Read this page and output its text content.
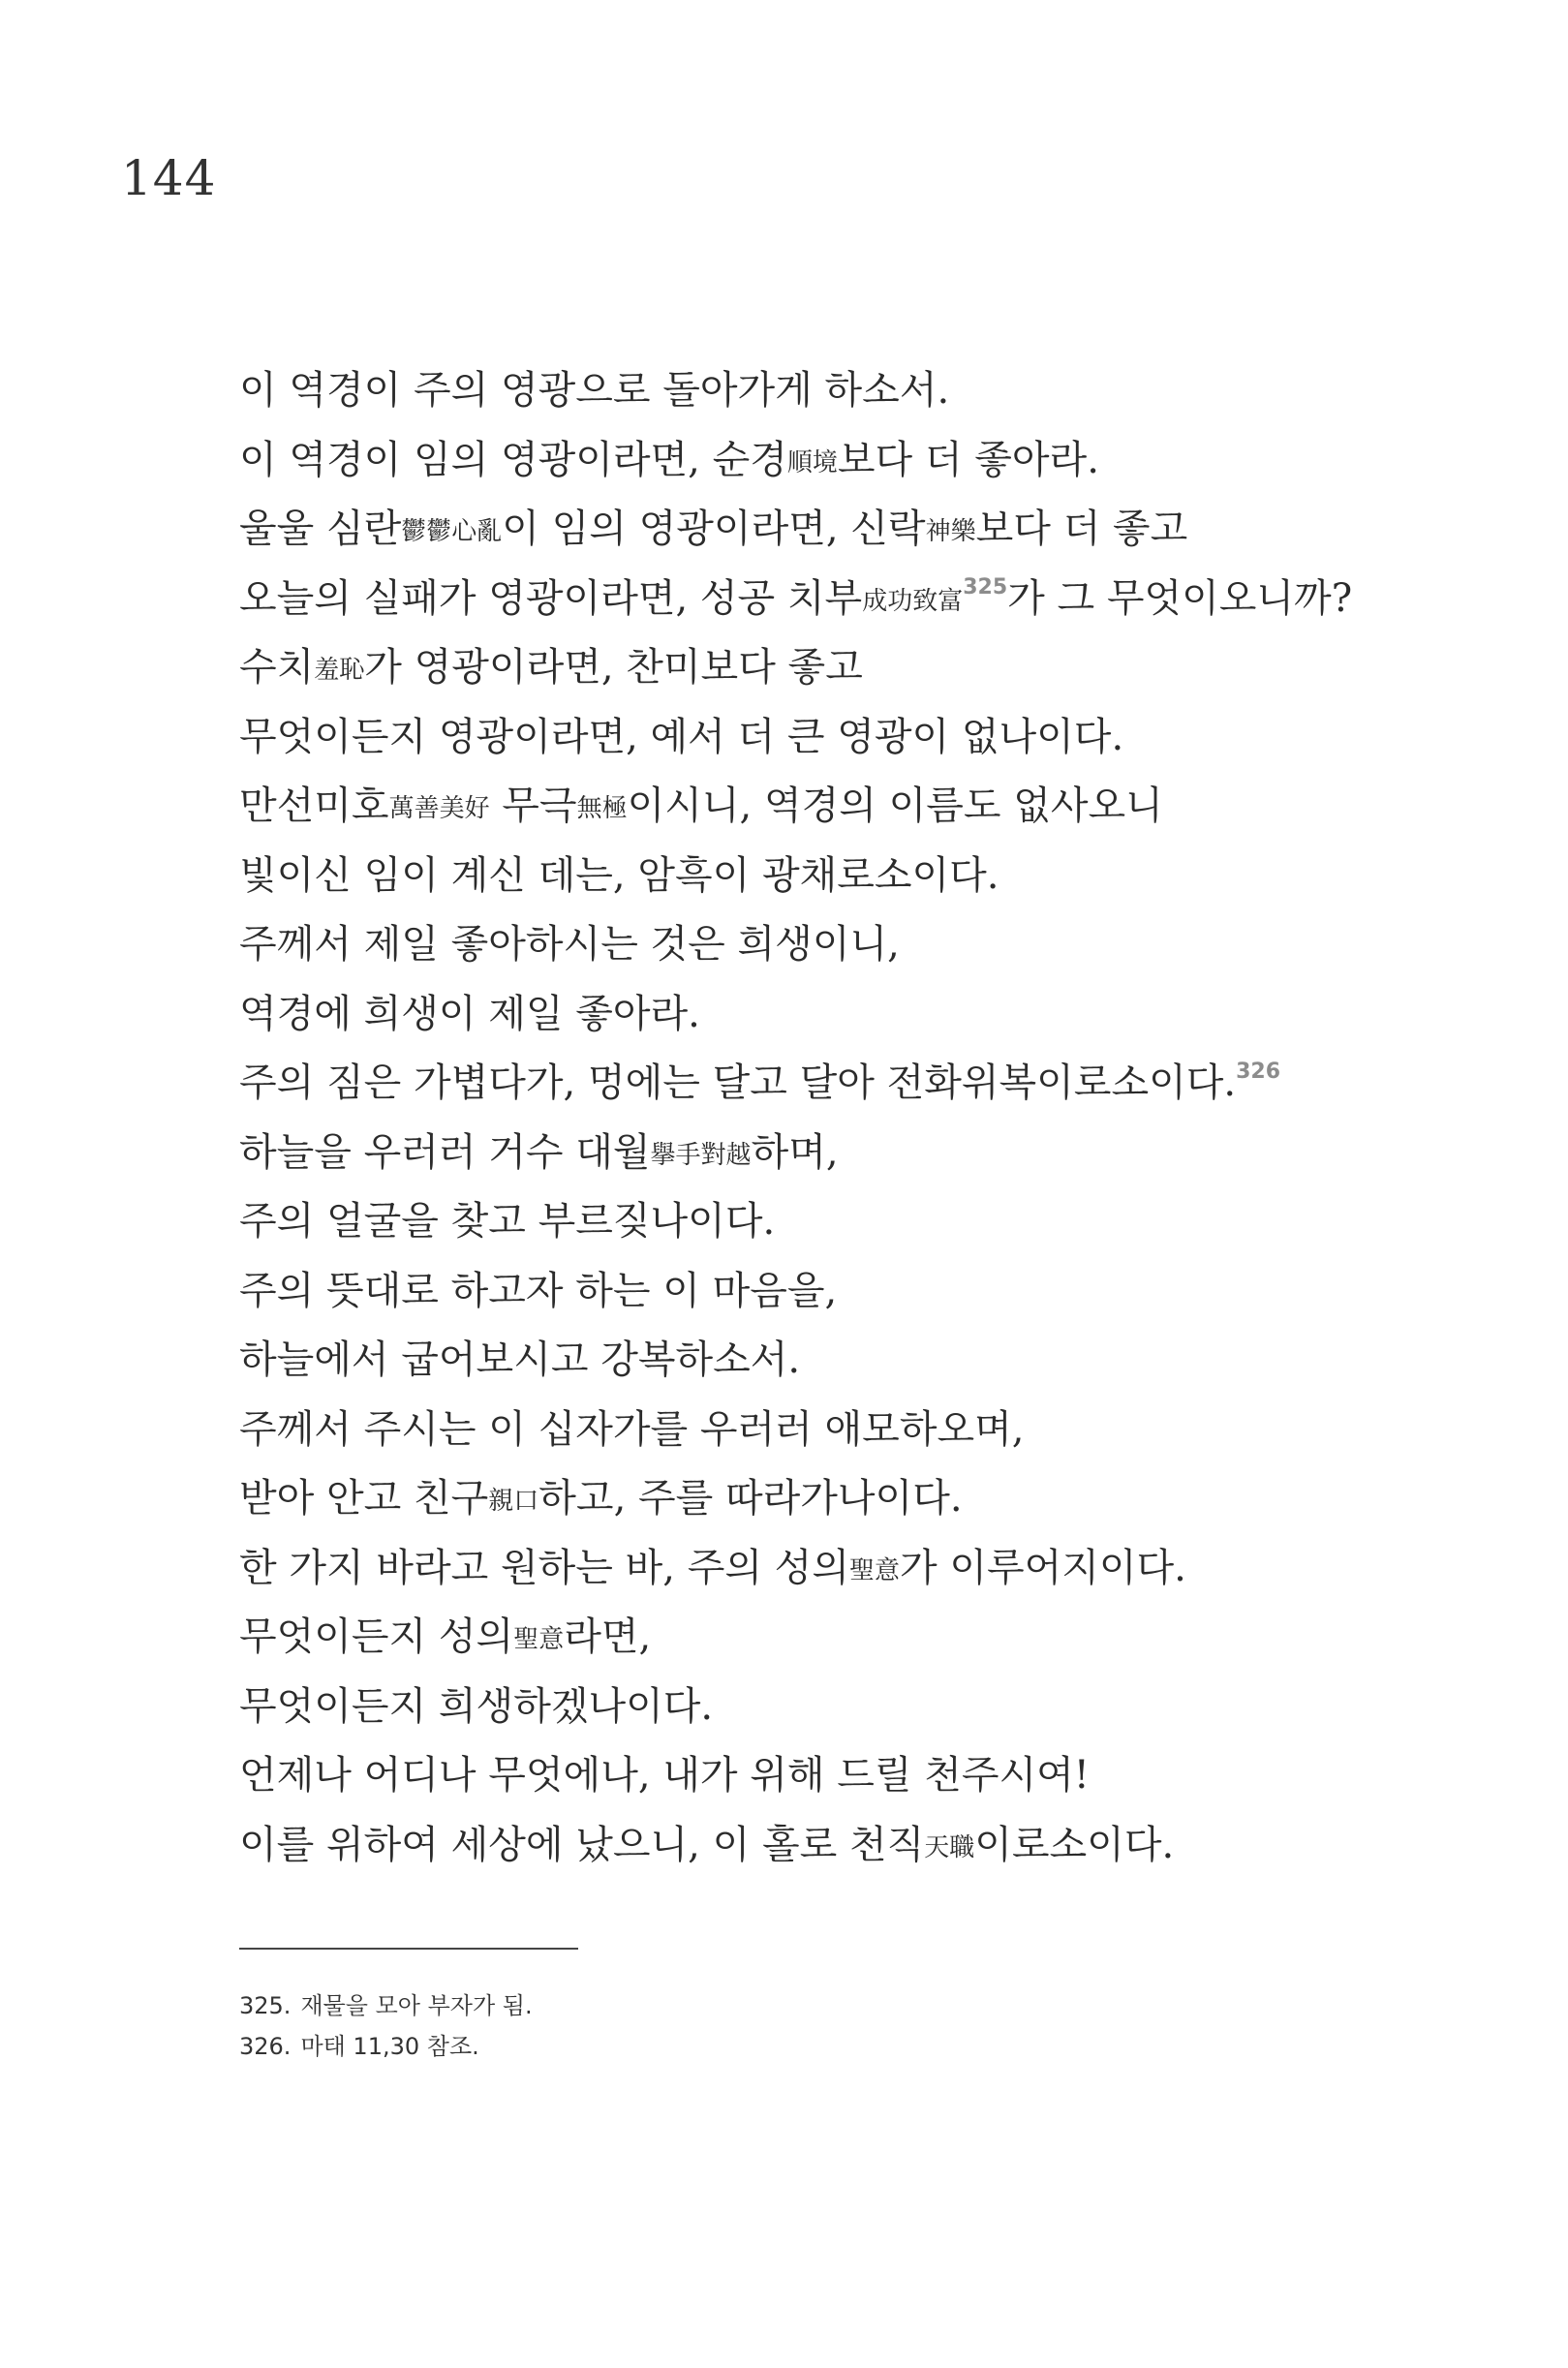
144
이 역경이 주의 영광으로 돌아가게 하소서.
이 역경이 임의 영광이라면, 순경順境보다 더 좋아라.
울울 심란鬱鬱心亂이 임의 영광이라면, 신락神樂보다 더 좋고
오늘의 실패가 영광이라면, 성공 치부成功致富$^{325}$가 그 무엇이오니까?
수치羞恥가 영광이라면, 찬미보다 좋고
무엇이든지 영광이라면, 예서 더 큰 영광이 없나이다.
만선미호萬善美好 무극無極이시니, 역경의 이름도 없사오니
빛이신 임이 계신 데는, 암흑이 광채로소이다.
주께서 제일 좋아하시는 것은 희생이니,
역경에 희생이 제일 좋아라.
주의 짐은 가볍다가, 멍에는 달고 달아 전화위복이로소이다.$^{326}$
하늘을 우러러 거수 대월擧手對越하며,
주의 얼굴을 찾고 부르짖나이다.
주의 뜻대로 하고자 하는 이 마음을,
하늘에서 굽어보시고 강복하소서.
주께서 주시는 이 십자가를 우러러 애모하오며,
받아 안고 친구親口하고, 주를 따라가나이다.
한 가지 바라고 원하는 바, 주의 성의聖意가 이루어지이다.
무엇이든지 성의聖意라면,
무엇이든지 희생하겠나이다.
언제나 어디나 무엇에나, 내가 위해 드릴 천주시여!
이를 위하여 세상에 났으니, 이 홀로 천직天職이로소이다.
325. 재물을 모아 부자가 됨.
326. 마태 11,30 참조.
